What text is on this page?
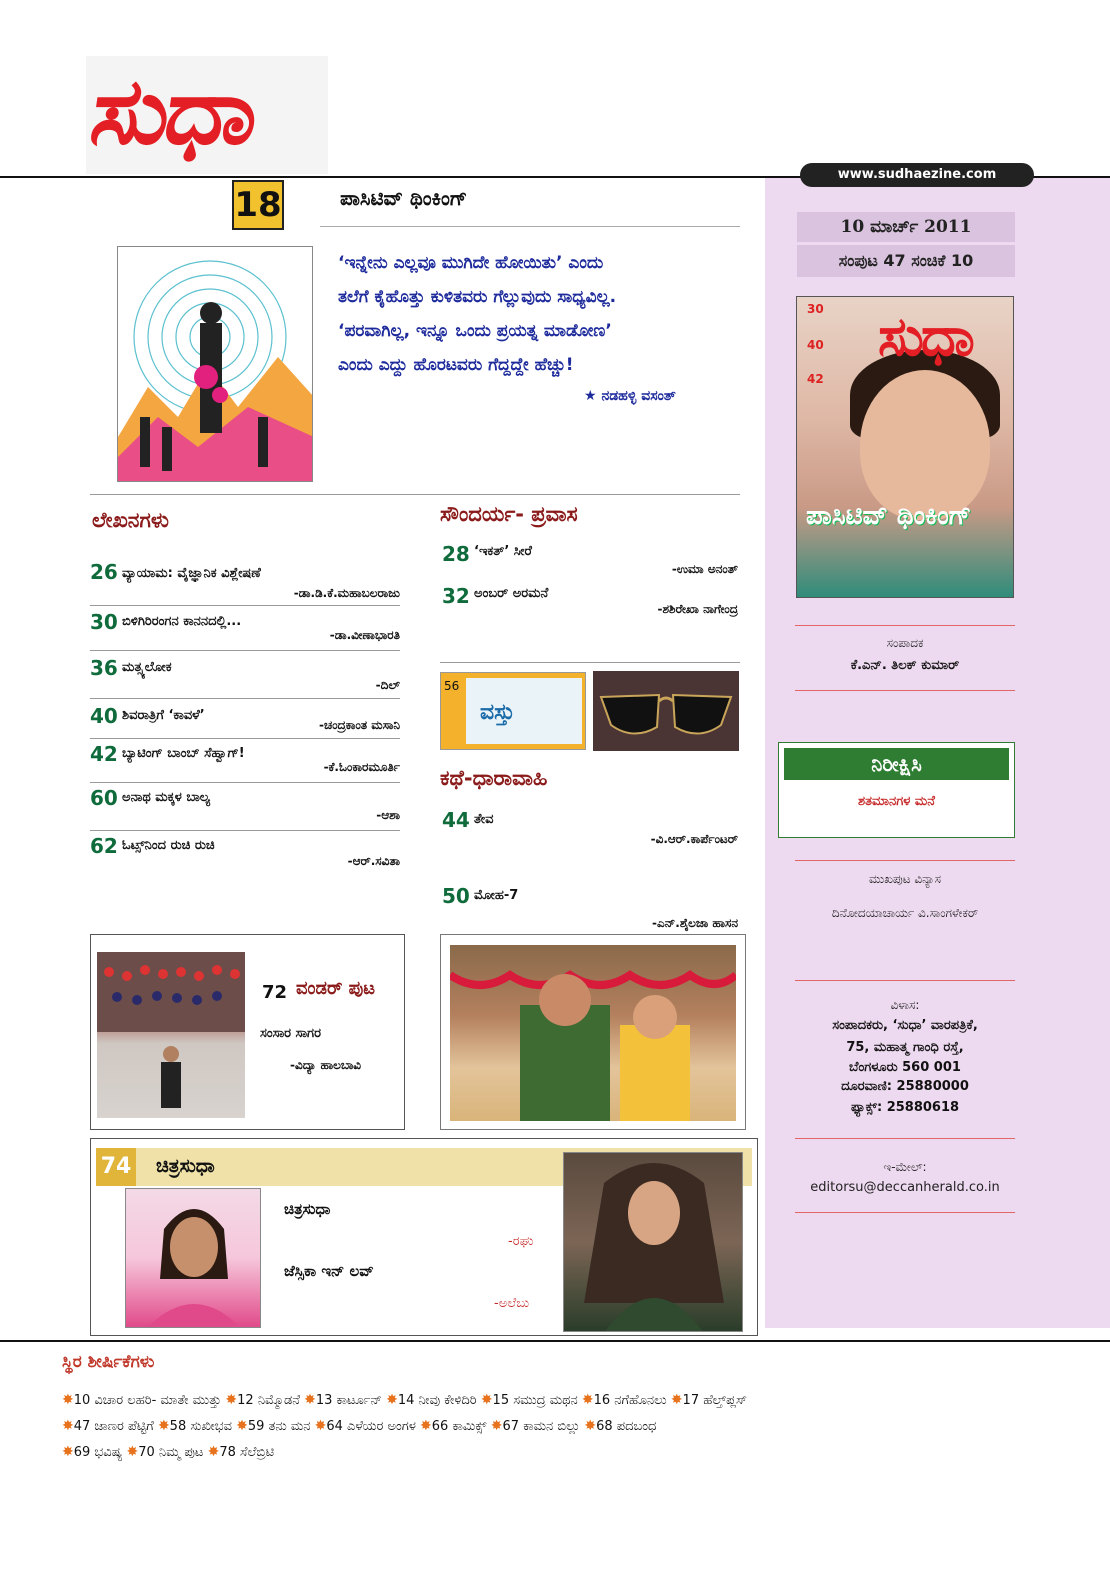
ಸುಧಾ
www.sudhaezine.com
10 ಮಾರ್ಚ್ 2011
ಸಂಪುಟ 47 ಸಂಚಿಕೆ 10
ಸುಧಾ
30
40
42
ಪಾಸಿಟಿವ್ ಥಿಂಕಿಂಗ್
ಸಂಪಾದಕ
ಕೆ.ಎನ್. ತಿಲಕ್ ಕುಮಾರ್
ನಿರೀಕ್ಷಿಸಿ
ಶತಮಾನಗಳ ಮನೆ
ಮುಖಪುಟ ವಿನ್ಯಾಸ
ದಿನೋದಯಾಚಾರ್ಯ ವಿ.ಸಾಂಗಳೇಕರ್
ವಿಳಾಸ:
ಸಂಪಾದಕರು, ‘ಸುಧಾ’ ವಾರಪತ್ರಿಕೆ,
75, ಮಹಾತ್ಮ ಗಾಂಧಿ ರಸ್ತೆ,
ಬೆಂಗಳೂರು 560 001
ದೂರವಾಣಿ: 25880000
ಫ್ಯಾಕ್ಸ್: 25880618
ಇ-ಮೇಲ್:
editorsu@deccanherald.co.in
18	ಪಾಸಿಟಿವ್ ಥಿಂಕಿಂಗ್
‘ಇನ್ನೇನು ಎಲ್ಲವೂ ಮುಗಿದೇ ಹೋಯಿತು’ ಎಂದು
ತಲೆಗೆ ಕೈಹೊತ್ತು ಕುಳಿತವರು ಗೆಲ್ಲುವುದು ಸಾಧ್ಯವಿಲ್ಲ.
‘ಪರವಾಗಿಲ್ಲ, ಇನ್ನೂ ಒಂದು ಪ್ರಯತ್ನ ಮಾಡೋಣ’
ಎಂದು ಎದ್ದು ಹೊರಟವರು ಗೆದ್ದದ್ದೇ ಹೆಚ್ಚು!
★ ನಡಹಳ್ಳಿ ವಸಂತ್
ಲೇಖನಗಳು
26 ವ್ಯಾಯಾಮ: ವೈಜ್ಞಾನಿಕ ವಿಶ್ಲೇಷಣೆ
-ಡಾ.ಡಿ.ಕೆ.ಮಹಾಬಲರಾಜು
30 ಬಿಳಿಗಿರಿರಂಗನ ಕಾನನದಲ್ಲಿ...
-ಡಾ.ವೀಣಾಭಾರತಿ
36 ಮತ್ಸ್ಯಲೋಕ
-ದಿಲ್
40 ಶಿವರಾತ್ರಿಗೆ ‘ಕಾವಳೆ’
-ಚಂದ್ರಕಾಂತ ಮಸಾನಿ
42 ಬ್ಯಾಟಿಂಗ್ ಬಾಂಬ್ ಸೆಹ್ವಾಗ್!
-ಕೆ.ಓಂಕಾರಮೂರ್ತಿ
60 ಅನಾಥ ಮಕ್ಕಳ ಬಾಲ್ಯ
-ಆಶಾ
62 ಓಟ್ಸ್‌ನಿಂದ ರುಚಿ ರುಚಿ
-ಆರ್.ಸವಿತಾ
ಸೌಂದರ್ಯ- ಪ್ರವಾಸ
28 ‘ಇಕತ್’ ಸೀರೆ
-ಉಮಾ ಅನಂತ್
32 ಅಂಬರ್ ಅರಮನೆ
-ಶಶಿರೇಖಾ ನಾಗೇಂದ್ರ
56
ವಸ್ತು
ಕಥೆ-ಧಾರಾವಾಹಿ
44 ತೇವ
-ವಿ.ಆರ್.ಕಾರ್ಪೆಂಟರ್
50 ಮೋಹ-7
-ಎನ್.ಶೈಲಜಾ ಹಾಸನ
72 ವಂಡರ್ ಪುಟ
ಸಂಸಾರ ಸಾಗರ
-ವಿದ್ಯಾ ಹಾಲಬಾವಿ
74 ಚಿತ್ರಸುಧಾ
ಚಿತ್ರಸುಧಾ
-ರಘು
ಜೆಸ್ಸಿಕಾ ಇನ್ ಲವ್
-ಅಲೆಬು
ಸ್ಥಿರ ಶೀರ್ಷಿಕೆಗಳು
✸10 ವಿಚಾರ ಲಹರಿ- ಮಾತೇ ಮುತ್ತು ✸12 ನಿಮ್ಮೊಡನೆ ✸13 ಕಾರ್ಟೂನ್ ✸14 ನೀವು ಕೇಳಿದಿರಿ ✸15 ಸಮುದ್ರ ಮಥನ ✸16 ನಗೆಹೊನಲು ✸17 ಹೆಲ್ತ್‌ಪ್ಲಸ್
✸47 ಜಾಣರ ಪೆಟ್ಟಿಗೆ ✸58 ಸುಖೀಭವ ✸59 ತನು ಮನ ✸64 ಎಳೆಯರ ಅಂಗಳ ✸66 ಕಾಮಿಕ್ಸ್ ✸67 ಕಾಮನ ಬಿಲ್ಲು ✸68 ಪದಬಂಧ
✸69 ಭವಿಷ್ಯ ✸70 ನಿಮ್ಮ ಪುಟ ✸78 ಸೆಲೆಬ್ರಿಟಿ
